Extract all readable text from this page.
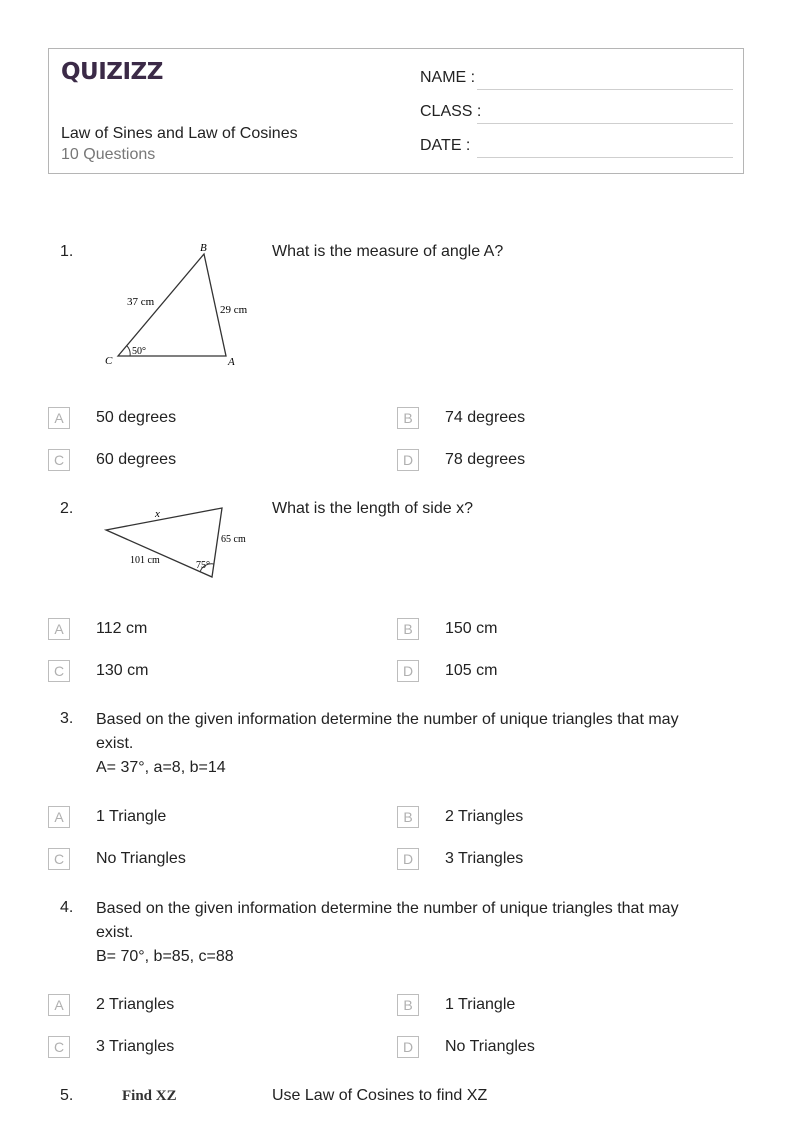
QUIZIZZ
Law of Sines and Law of Cosines
10 Questions
NAME :
CLASS :
DATE :
1.	B
C	A
37 cm
29 cm
50°
What is the measure of angle A?
A	50 degrees	B	74 degrees
C	60 degrees	D	78 degrees
2.	x
65 cm
101 cm	75°
What is the length of side x?
A	112 cm	B	150 cm
C	130 cm	D	105 cm
3. Based on the given information determine the number of unique triangles that may
exist.
A= 37°, a=8, b=14
A	1 Triangle	B	2 Triangles
C	No Triangles	D	3 Triangles
4. Based on the given information determine the number of unique triangles that may
exist.
B= 70°, b=85, c=88
A	2 Triangles	B	1 Triangle
C	3 Triangles	D	No Triangles
5.	Find XZ	Use Law of Cosines to find XZ
